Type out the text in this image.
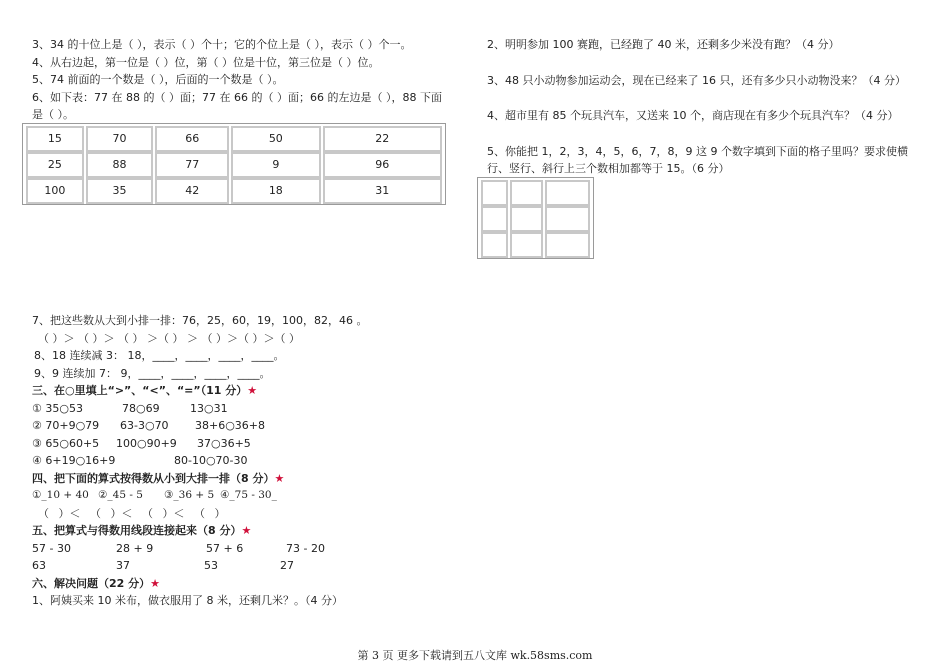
3、34 的十位上是（ ），表示（ ）个十；它的个位上是（ ），表示（ ）个一。
4、从右边起，第一位是（ ）位，第（ ）位是十位，第三位是（ ）位。
5、74 前面的一个数是（ ），后面的一个数是（ ）。
6、如下表：77 在 88 的（ ）面；77 在 66 的（ ）面；66 的左边是（ ），88 下面
是（ ）。
15	70	66	50	22
25	88	77	9	96
100	35	42	18	31
2、明明参加 100 赛跑，已经跑了 40 米，还剩多少米没有跑？（4 分）
3、48 只小动物参加运动会，现在已经来了 16 只，还有多少只小动物没来？（4 分）
4、超市里有 85 个玩具汽车，又送来 10 个，商店现在有多少个玩具汽车？（4 分）
5、你能把 1，2，3，4，5，6，7，8，9 这 9 个数字填到下面的格子里吗？要求使横行、竖行、斜行上三个数相加都等于 15。（6 分）
7、把这些数从大到小排一排：76，25，60，19，100，82，46 。
（ ）＞ （ ）＞ （ ） ＞（ ） ＞ （ ）＞（ ）＞（ ）
8、18 连续减 3： 18，____，____，____，____。
9、9 连续加 7： 9，____，____，____，____。
三、在○里填上“>”、“<”、“=”（11 分）★
① 35○53	78○69	13○31
② 70+9○79 63-3○70 38+6○36+8
③ 65○60+5 100○90+9 37○36+5
④ 6+19○16+9	80-10○70-30
四、把下面的算式按得数从小到大排一排（8 分）★
①_10 + 40 ②_45 - 5 ③_36 + 5 ④_75 - 30_
（ ）＜ （ ）＜ （ ）＜ （ ）
五、把算式与得数用线段连接起来（8 分）★
57 - 30	28 + 9	57 + 6	73 - 20
63	37	53	27
六、解决问题（22 分）★
1、阿姨买来 10 米布，做衣服用了 8 米，还剩几米？。（4 分）
第 3 页 更多下载请到五八文库 wk.58sms.com
